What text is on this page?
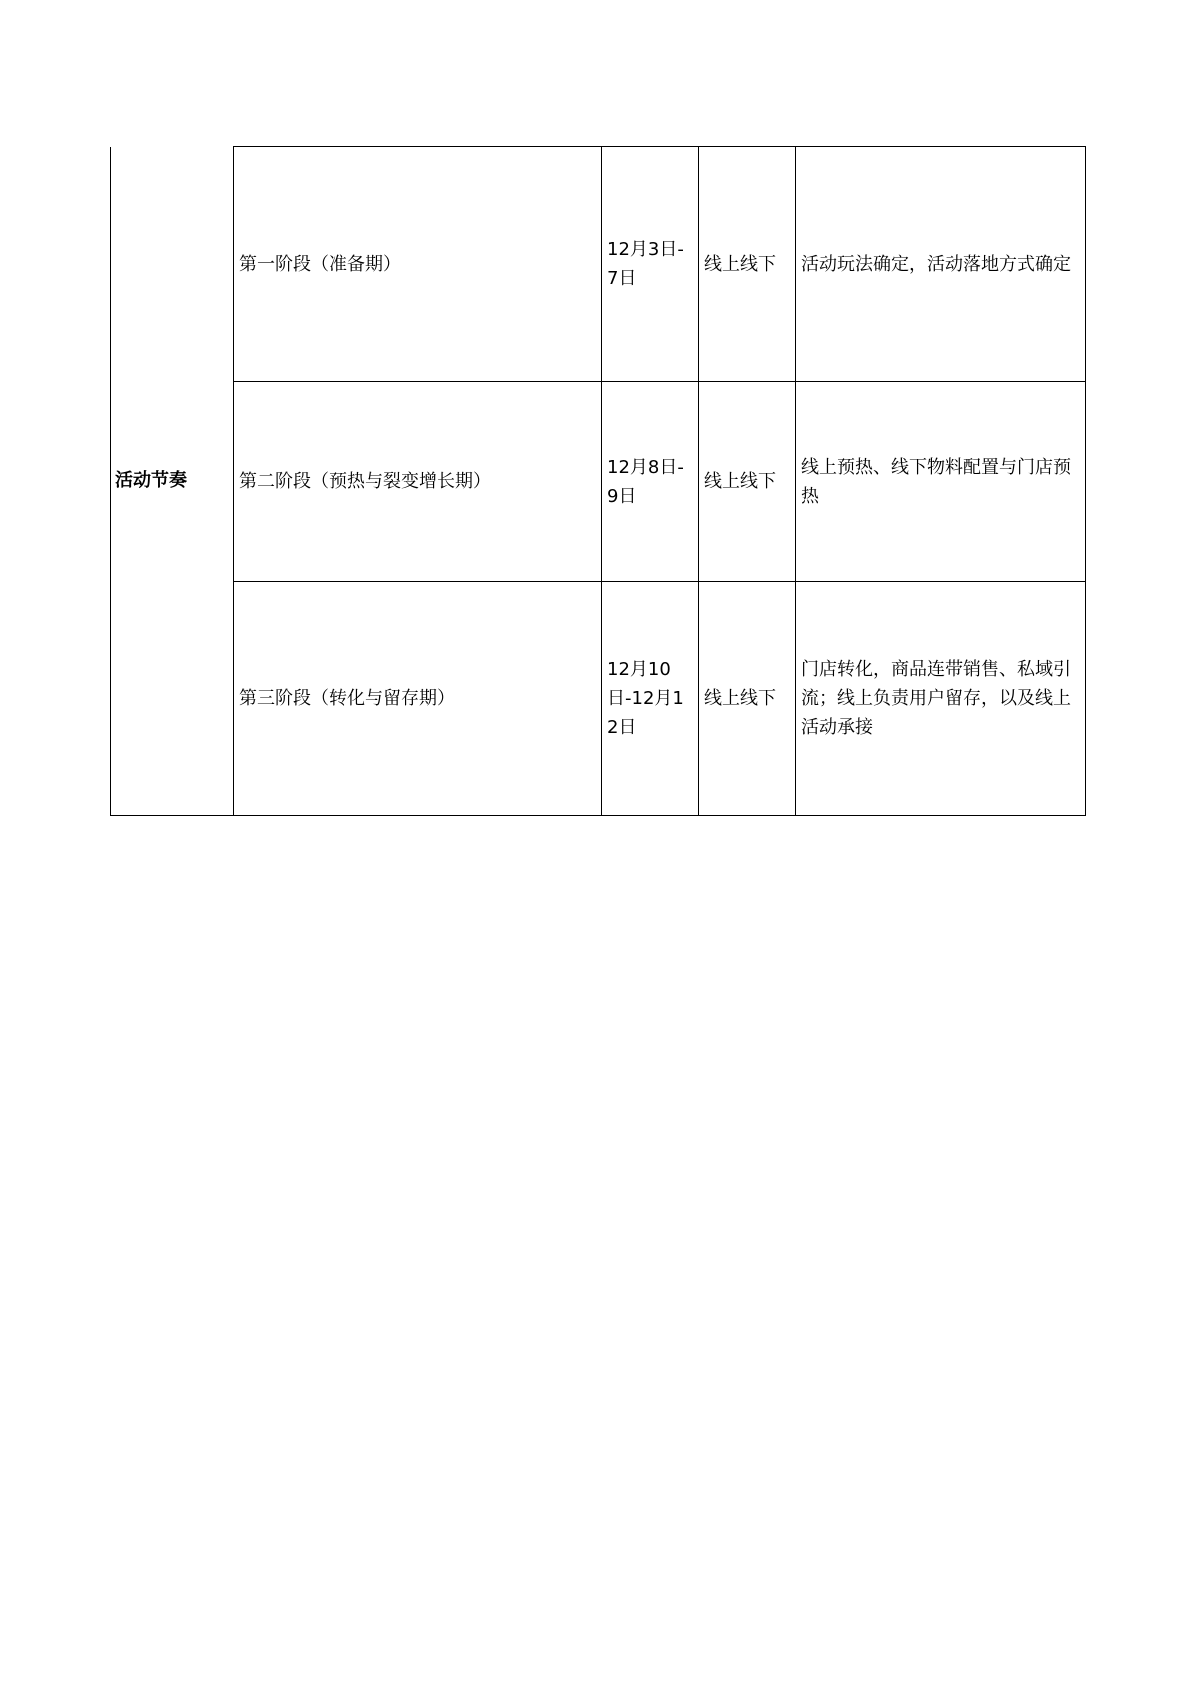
活动节奏	第一阶段（准备期）	12月3日-7日	线上线下	活动玩法确定，活动落地方式确定
	第二阶段（预热与裂变增长期）	12月8日-9日	线上线下	线上预热、线下物料配置与门店预热
	第三阶段（转化与留存期）	12月10日-12月12日	线上线下	门店转化，商品连带销售、私域引流；线上负责用户留存，以及线上活动承接
